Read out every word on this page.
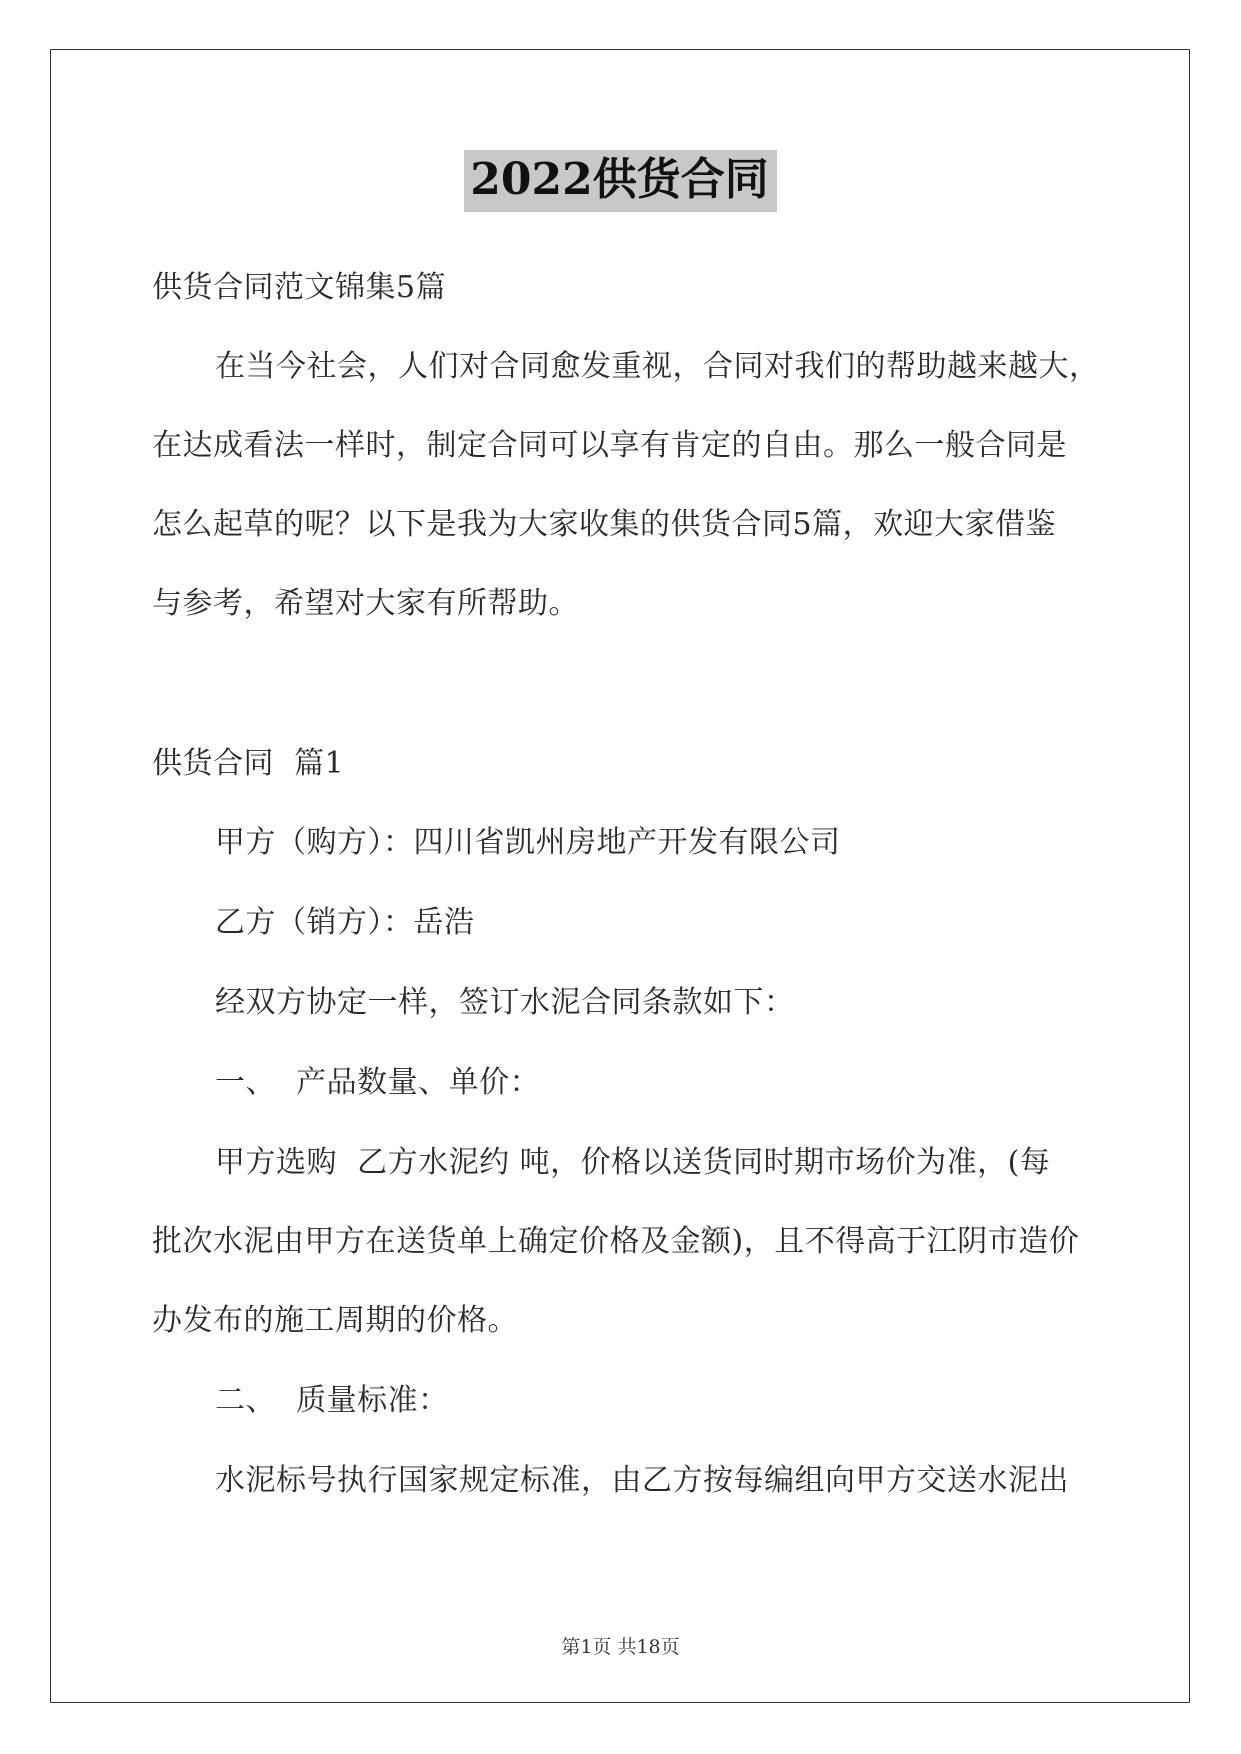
2022供货合同
供货合同范文锦集5篇
在当今社会，人们对合同愈发重视，合同对我们的帮助越来越大，
在达成看法一样时，制定合同可以享有肯定的自由。那么一般合同是
怎么起草的呢？以下是我为大家收集的供货合同5篇，欢迎大家借鉴
与参考，希望对大家有所帮助。
供货合同  篇1
甲方（购方）：四川省凯州房地产开发有限公司
乙方（销方）：岳浩
经双方协定一样，签订水泥合同条款如下：
一、  产品数量、单价：
甲方选购  乙方水泥约 吨，价格以送货同时期市场价为准，(每
批次水泥由甲方在送货单上确定价格及金额)，且不得高于江阴市造价
办发布的施工周期的价格。
二、  质量标准：
水泥标号执行国家规定标准，由乙方按每编组向甲方交送水泥出
第1页 共18页
